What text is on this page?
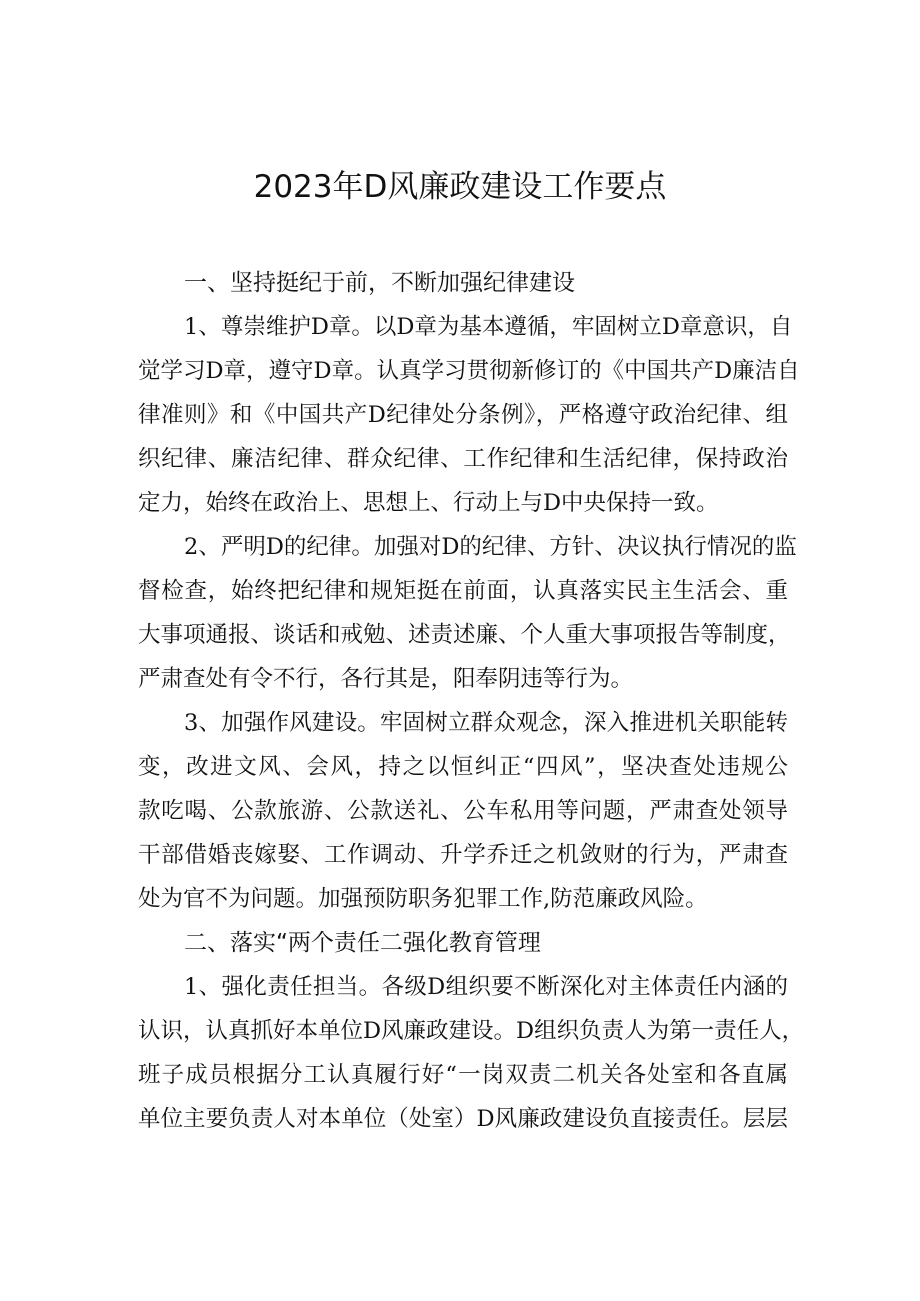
2023年D风廉政建设工作要点
一、坚持挺纪于前，不断加强纪律建设

1、尊崇维护D章。以D章为基本遵循，牢固树立D章意识，自

觉学习D章，遵守D章。认真学习贯彻新修订的《中国共产D廉洁自

律准则》和《中国共产D纪律处分条例》，严格遵守政治纪律、组

织纪律、廉洁纪律、群众纪律、工作纪律和生活纪律，保持政治

定力，始终在政治上、思想上、行动上与D中央保持一致。

2、严明D的纪律。加强对D的纪律、方针、决议执行情况的监

督检查，始终把纪律和规矩挺在前面，认真落实民主生活会、重

大事项通报、谈话和戒勉、述责述廉、个人重大事项报告等制度，

严肃查处有令不行，各行其是，阳奉阴违等行为。

3、加强作风建设。牢固树立群众观念，深入推进机关职能转

变，改进文风、会风，持之以恒纠正“四风”，坚决查处违规公

款吃喝、公款旅游、公款送礼、公车私用等问题，严肃查处领导

干部借婚丧嫁娶、工作调动、升学乔迁之机敛财的行为，严肃查

处为官不为问题。加强预防职务犯罪工作,防范廉政风险。

二、落实“两个责任二强化教育管理

1、强化责任担当。各级D组织要不断深化对主体责任内涵的

认识，认真抓好本单位D风廉政建设。D组织负责人为第一责任人，

班子成员根据分工认真履行好“一岗双责二机关各处室和各直属

单位主要负责人对本单位（处室）D风廉政建设负直接责任。层层
